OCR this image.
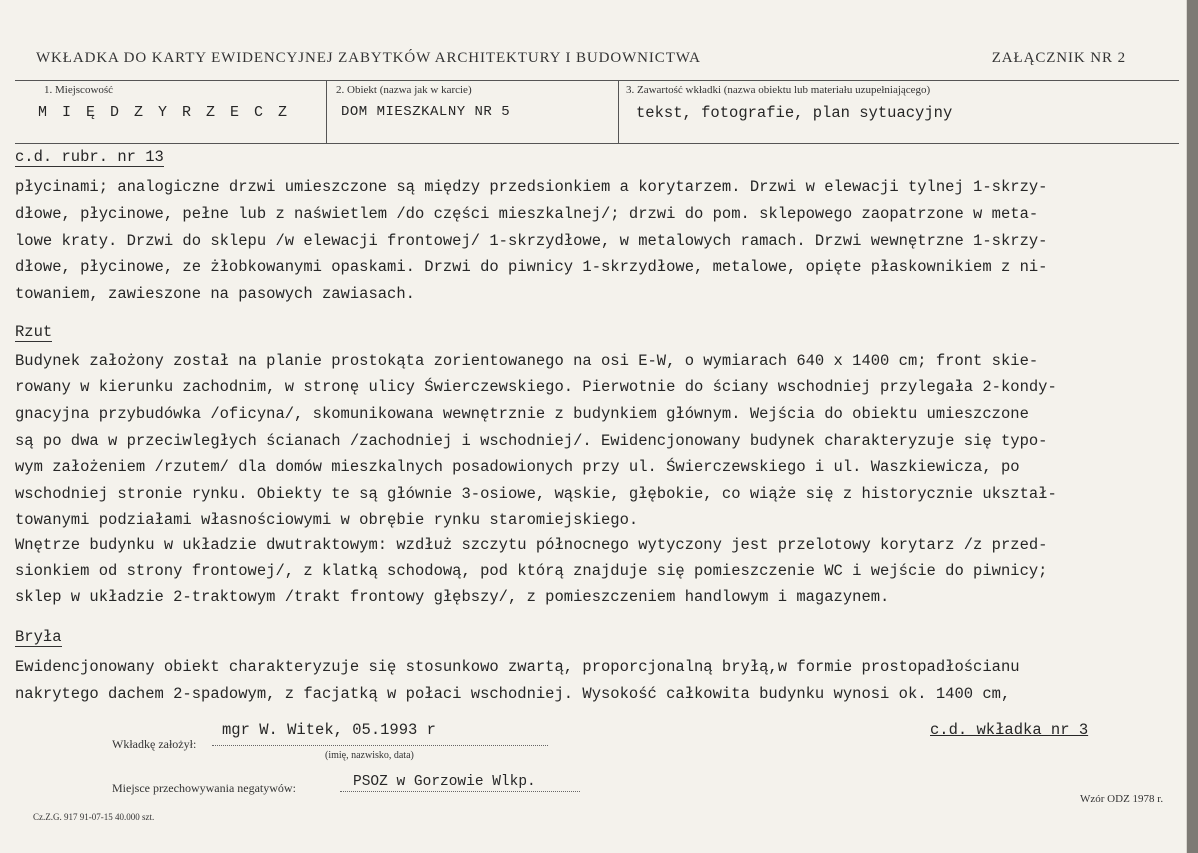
WKŁADKA DO KARTY EWIDENCYJNEJ ZABYTKÓW ARCHITEKTURY I BUDOWNICTWA	ZAŁĄCZNIK NR 2
1. Miejscowość
MIĘDZYRZECZ
2. Obiekt (nazwa jak w karcie)
DOM MIESZKALNY NR 5
3. Zawartość wkładki (nazwa obiektu lub materiału uzupełniającego)
tekst, fotografie, plan sytuacyjny
c.d. rubr. nr 13
płycinami; analogiczne drzwi umieszczone są między przedsionkiem a korytarzem. Drzwi w elewacji tylnej 1-skrzy-
dłowe, płycinowe, pełne lub z naświetlem /do części mieszkalnej/; drzwi do pom. sklepowego zaopatrzone w meta-
lowe kraty. Drzwi do sklepu /w elewacji frontowej/ 1-skrzydłowe, w metalowych ramach. Drzwi wewnętrzne 1-skrzy-
dłowe, płycinowe, ze żłobkowanymi opaskami. Drzwi do piwnicy 1-skrzydłowe, metalowe, opięte płaskownikiem z ni-
towaniem, zawieszone na pasowych zawiasach.
Rzut
Budynek założony został na planie prostokąta zorientowanego na osi E-W, o wymiarach 640 x 1400 cm; front skie-
rowany w kierunku zachodnim, w stronę ulicy Świerczewskiego. Pierwotnie do ściany wschodniej przylegała 2-kondy-
gnacyjna przybudówka /oficyna/, skomunikowana wewnętrznie z budynkiem głównym. Wejścia do obiektu umieszczone
są po dwa w przeciwległych ścianach /zachodniej i wschodniej/. Ewidencjonowany budynek charakteryzuje się typo-
wym założeniem /rzutem/ dla domów mieszkalnych posadowionych przy ul. Świerczewskiego i ul. Waszkiewicza, po
wschodniej stronie rynku. Obiekty te są głównie 3-osiowe, wąskie, głębokie, co wiąże się z historycznie ukształ-
towanymi podziałami własnościowymi w obrębie rynku staromiejskiego.
Wnętrze budynku w układzie dwutraktowym: wzdłuż szczytu północnego wytyczony jest przelotowy korytarz /z przed-
sionkiem od strony frontowej/, z klatką schodową, pod którą znajduje się pomieszczenie WC i wejście do piwnicy;
sklep w układzie 2-traktowym /trakt frontowy głębszy/, z pomieszczeniem handlowym i magazynem.
Bryła
Ewidencjonowany obiekt charakteryzuje się stosunkowo zwartą, proporcjonalną bryłą,w formie prostopadłościanu
nakrytego dachem 2-spadowym, z facjatką w połaci wschodniej. Wysokość całkowita budynku wynosi ok. 1400 cm,
Wkładkę założył:
mgr W. Witek, 05.1993 r
(imię, nazwisko, data)
c.d. wkładka nr 3
Miejsce przechowywania negatywów:	PSOZ w Gorzowie Wlkp.
Wzór ODZ 1978 r.
Cz.Z.G. 917 91-07-15 40.000 szt.
